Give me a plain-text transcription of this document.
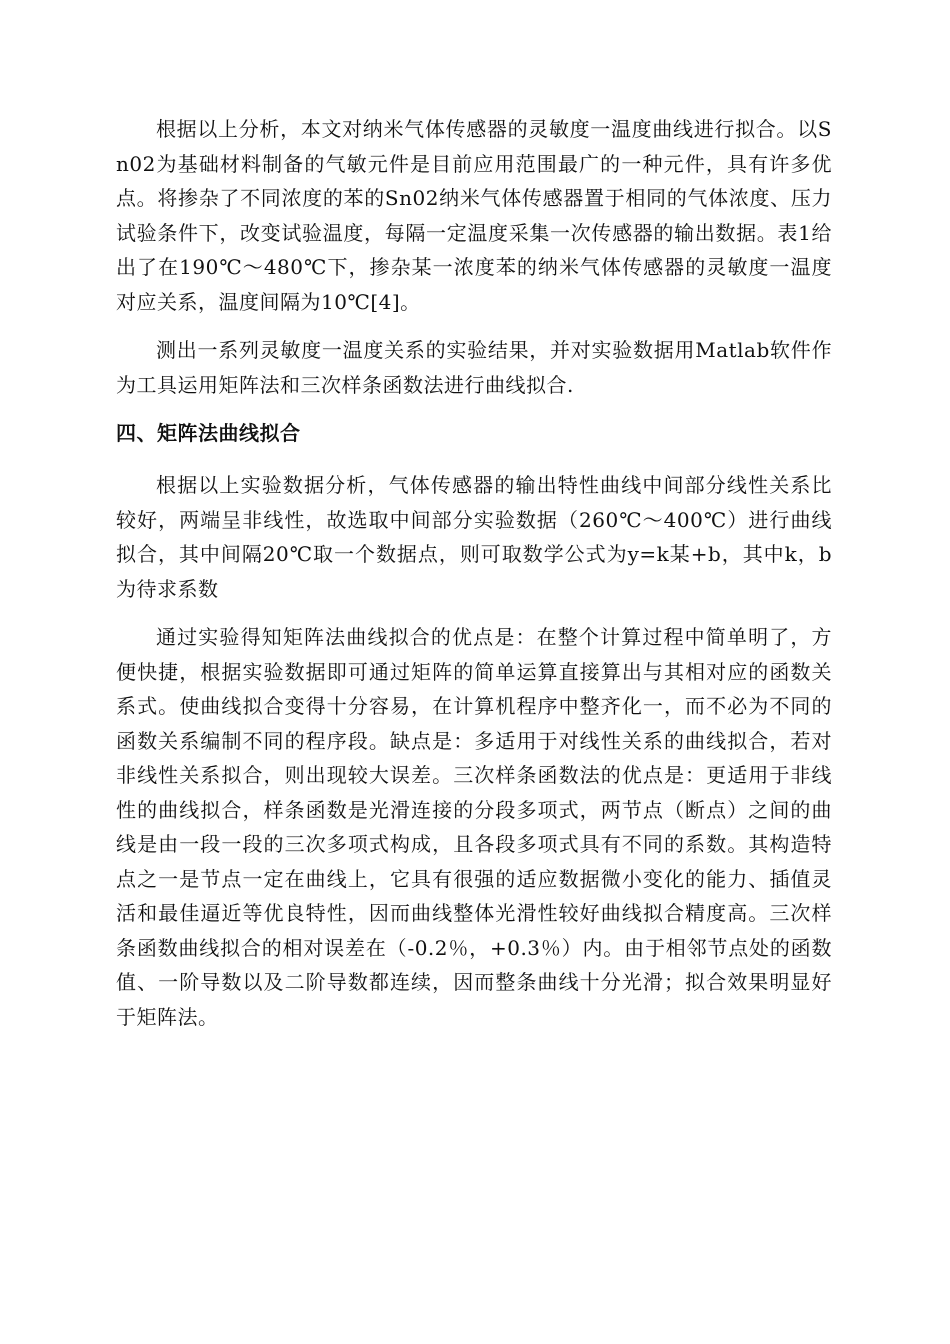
根据以上分析，本文对纳米气体传感器的灵敏度一温度曲线进行拟合。以Sn02为基础材料制备的气敏元件是目前应用范围最广的一种元件，具有许多优点。将掺杂了不同浓度的苯的Sn02纳米气体传感器置于相同的气体浓度、压力试验条件下，改变试验温度，每隔一定温度采集一次传感器的输出数据。表1给出了在190℃～480℃下，掺杂某一浓度苯的纳米气体传感器的灵敏度一温度对应关系，温度间隔为10℃[4]。

测出一系列灵敏度一温度关系的实验结果，并对实验数据用Matlab软件作为工具运用矩阵法和三次样条函数法进行曲线拟合.

四、矩阵法曲线拟合

根据以上实验数据分析，气体传感器的输出特性曲线中间部分线性关系比较好，两端呈非线性，故选取中间部分实验数据（260℃～400℃）进行曲线拟合，其中间隔20℃取一个数据点，则可取数学公式为y=k某+b，其中k，b为待求系数

通过实验得知矩阵法曲线拟合的优点是：在整个计算过程中简单明了，方便快捷，根据实验数据即可通过矩阵的简单运算直接算出与其相对应的函数关系式。使曲线拟合变得十分容易，在计算机程序中整齐化一，而不必为不同的函数关系编制不同的程序段。缺点是：多适用于对线性关系的曲线拟合，若对非线性关系拟合，则出现较大误差。三次样条函数法的优点是：更适用于非线性的曲线拟合，样条函数是光滑连接的分段多项式，两节点（断点）之间的曲线是由一段一段的三次多项式构成，且各段多项式具有不同的系数。其构造特点之一是节点一定在曲线上，它具有很强的适应数据微小变化的能力、插值灵活和最佳逼近等优良特性，因而曲线整体光滑性较好曲线拟合精度高。三次样条函数曲线拟合的相对误差在（-0.2％，+0.3％）内。由于相邻节点处的函数值、一阶导数以及二阶导数都连续，因而整条曲线十分光滑；拟合效果明显好于矩阵法。
